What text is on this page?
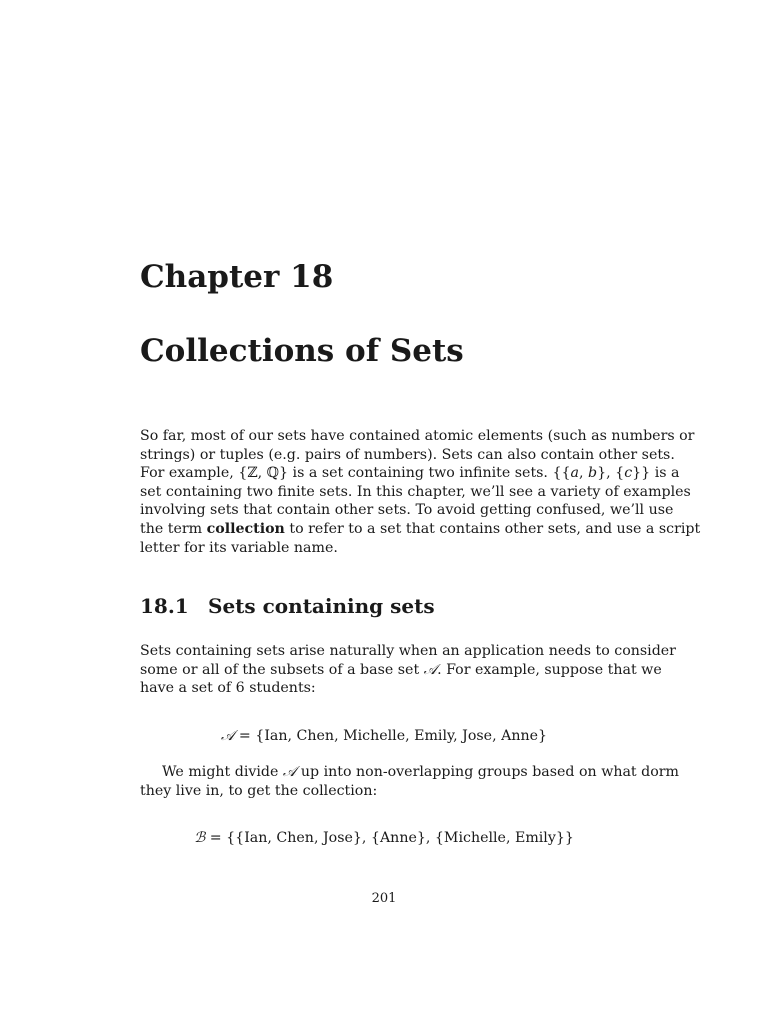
Chapter 18
Collections of Sets
So far, most of our sets have contained atomic elements (such as numbers or
strings) or tuples (e.g. pairs of numbers). Sets can also contain other sets.
For example, {ℤ, ℚ} is a set containing two infinite sets. {{a, b}, {c}} is a
set containing two finite sets. In this chapter, we’ll see a variety of examples
involving sets that contain other sets. To avoid getting confused, we’ll use
the term collection to refer to a set that contains other sets, and use a script
letter for its variable name.
18.1 Sets containing sets
Sets containing sets arise naturally when an application needs to consider
some or all of the subsets of a base set 𝒜. For example, suppose that we
have a set of 6 students:
𝒜 = {Ian, Chen, Michelle, Emily, Jose, Anne}
We might divide 𝒜 up into non-overlapping groups based on what dorm
they live in, to get the collection:
ℬ = {{Ian, Chen, Jose}, {Anne}, {Michelle, Emily}}

201
